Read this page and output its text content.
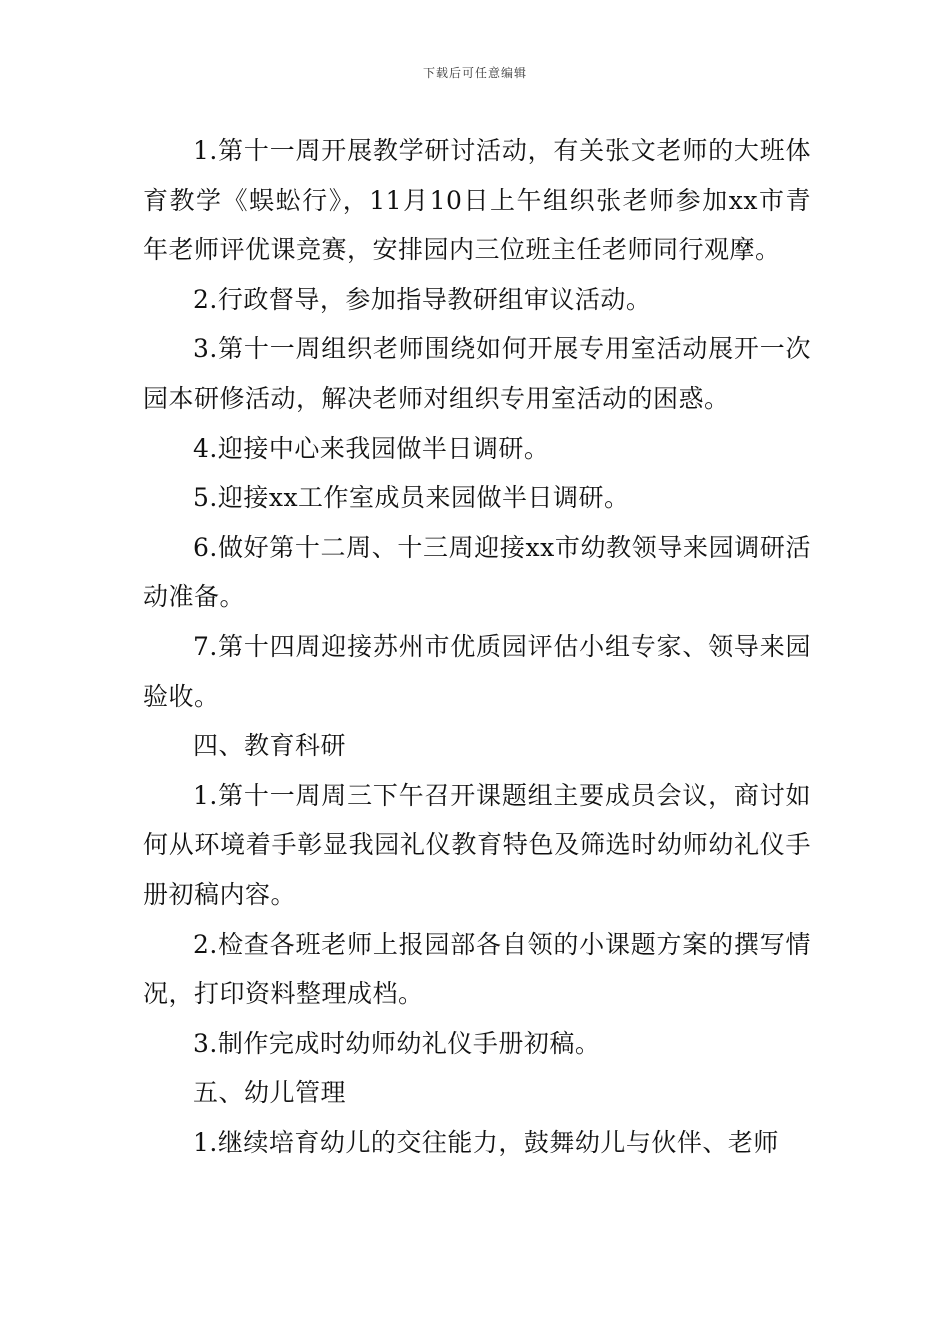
下载后可任意编辑

1.第十一周开展教学研讨活动，有关张文老师的大班体育教学《蜈蚣行》，11月10日上午组织张老师参加xx市青年老师评优课竞赛，安排园内三位班主任老师同行观摩。

2.行政督导，参加指导教研组审议活动。

3.第十一周组织老师围绕如何开展专用室活动展开一次园本研修活动，解决老师对组织专用室活动的困惑。

4.迎接中心来我园做半日调研。

5.迎接xx工作室成员来园做半日调研。

6.做好第十二周、十三周迎接xx市幼教领导来园调研活动准备。

7.第十四周迎接苏州市优质园评估小组专家、领导来园验收。

四、教育科研

1.第十一周周三下午召开课题组主要成员会议，商讨如何从环境着手彰显我园礼仪教育特色及筛选时幼师幼礼仪手册初稿内容。

2.检查各班老师上报园部各自领的小课题方案的撰写情况，打印资料整理成档。

3.制作完成时幼师幼礼仪手册初稿。

五、幼儿管理

1.继续培育幼儿的交往能力，鼓舞幼儿与伙伴、老师
